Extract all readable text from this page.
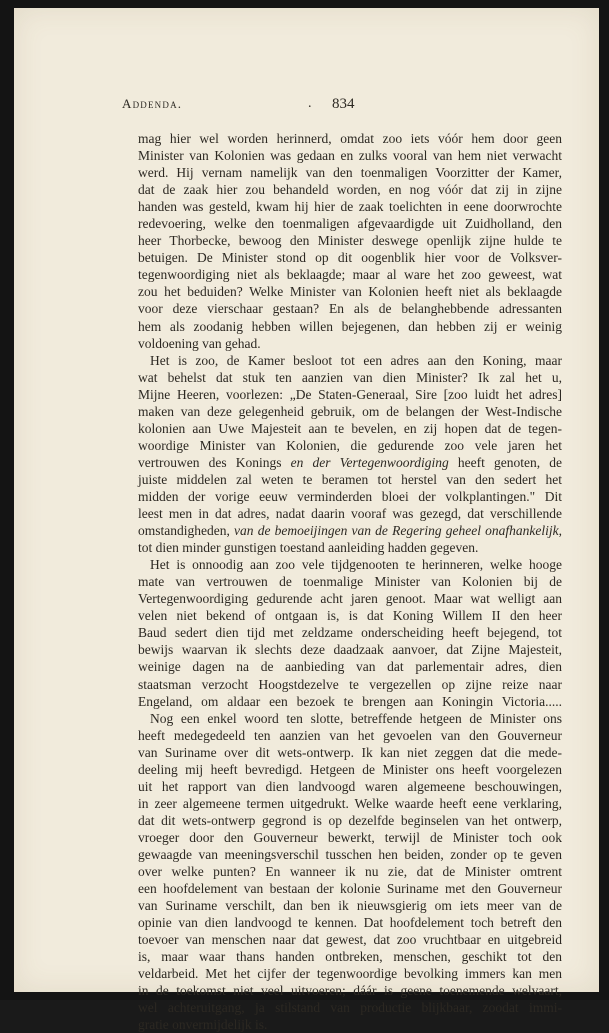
Addenda.	. 834
mag hier wel worden herinnerd, omdat zoo iets vóór hem door geen
Minister van Kolonien was gedaan en zulks vooral van hem niet verwacht
werd. Hij vernam namelijk van den toenmaligen Voorzitter der Kamer,
dat de zaak hier zou behandeld worden, en nog vóór dat zij in zijne
handen was gesteld, kwam hij hier de zaak toelichten in eene doorwrochte
redevoering, welke den toenmaligen afgevaardigde uit Zuidholland, den
heer Thorbecke, bewoog den Minister deswege openlijk zijne hulde te
betuigen. De Minister stond op dit oogenblik hier voor de Volksver-
tegenwoordiging niet als beklaagde; maar al ware het zoo geweest, wat
zou het beduiden? Welke Minister van Kolonien heeft niet als beklaagde
voor deze vierschaar gestaan? En als de belanghebbende adressanten
hem als zoodanig hebben willen bejegenen, dan hebben zij er weinig
voldoening van gehad.
Het is zoo, de Kamer besloot tot een adres aan den Koning, maar
wat behelst dat stuk ten aanzien van dien Minister? Ik zal het u,
Mijne Heeren, voorlezen: „De Staten-Generaal, Sire [zoo luidt het adres]
maken van deze gelegenheid gebruik, om de belangen der West-Indische
kolonien aan Uwe Majesteit aan te bevelen, en zij hopen dat de tegen-
woordige Minister van Kolonien, die gedurende zoo vele jaren het
vertrouwen des Konings en der Vertegenwoordiging heeft genoten, de
juiste middelen zal weten te beramen tot herstel van den sedert het
midden der vorige eeuw verminderden bloei der volkplantingen." Dit
leest men in dat adres, nadat daarin vooraf was gezegd, dat verschillende
omstandigheden, van de bemoeijingen van de Regering geheel onafhankelijk,
tot dien minder gunstigen toestand aanleiding hadden gegeven.
Het is onnoodig aan zoo vele tijdgenooten te herinneren, welke hooge
mate van vertrouwen de toenmalige Minister van Kolonien bij de
Vertegenwoordiging gedurende acht jaren genoot. Maar wat welligt aan
velen niet bekend of ontgaan is, is dat Koning Willem II den heer
Baud sedert dien tijd met zeldzame onderscheiding heeft bejegend, tot
bewijs waarvan ik slechts deze daadzaak aanvoer, dat Zijne Majesteit,
weinige dagen na de aanbieding van dat parlementair adres, dien
staatsman verzocht Hoogstdezelve te vergezellen op zijne reize naar
Engeland, om aldaar een bezoek te brengen aan Koningin Victoria.....
Nog een enkel woord ten slotte, betreffende hetgeen de Minister ons
heeft medegedeeld ten aanzien van het gevoelen van den Gouverneur
van Suriname over dit wets-ontwerp. Ik kan niet zeggen dat die mede-
deeling mij heeft bevredigd. Hetgeen de Minister ons heeft voorgelezen
uit het rapport van dien landvoogd waren algemeene beschouwingen,
in zeer algemeene termen uitgedrukt. Welke waarde heeft eene verklaring,
dat dit wets-ontwerp gegrond is op dezelfde beginselen van het ontwerp,
vroeger door den Gouverneur bewerkt, terwijl de Minister toch ook
gewaagde van meeningsverschil tusschen hen beiden, zonder op te geven
over welke punten? En wanneer ik nu zie, dat de Minister omtrent
een hoofdelement van bestaan der kolonie Suriname met den Gouverneur
van Suriname verschilt, dan ben ik nieuwsgierig om iets meer van de
opinie van dien landvoogd te kennen. Dat hoofdelement toch betreft den
toevoer van menschen naar dat gewest, dat zoo vruchtbaar en uitgebreid
is, maar waar thans handen ontbreken, menschen, geschikt tot den
veldarbeid. Met het cijfer der tegenwoordige bevolking immers kan men
in de toekomst niet veel uitvoeren; dáár is geene toenemende welvaart,
wel achteruitgang, ja stilstand van productie blijkbaar, zoodat immi-
gratie onvermijdelijk is.
